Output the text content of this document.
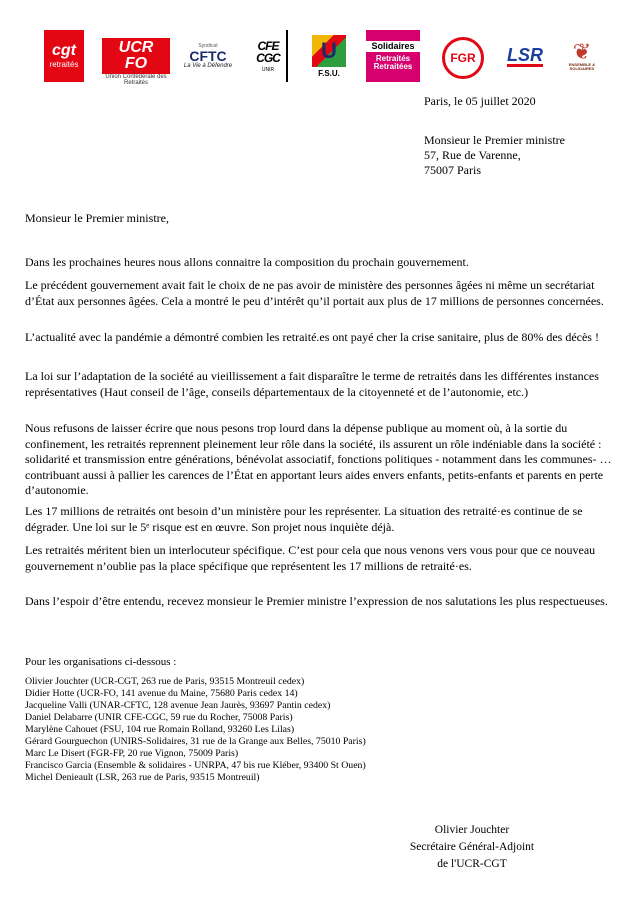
cgt
retraités
UCR FO
Union Confédérale des Retraités
Syndicat
CFTC
La Vie à Défendre
CFE CGC
UNIR
U
F.S.U.
Solidaires
Retraités Retraitées
FGR	LSR ❦
ENSEMBLE & SOLIDAIRES
Paris, le 05 juillet 2020
Monsieur le Premier ministre
57, Rue de Varenne,
75007 Paris
Monsieur le Premier ministre,
Dans les prochaines heures nous allons connaitre la composition du prochain gouvernement.
Le précédent gouvernement avait fait le choix de ne pas avoir de ministère des personnes âgées ni même un secrétariat d’État aux personnes âgées. Cela a montré le peu d’intérêt qu’il portait aux plus de 17 millions de personnes concernées.
L’actualité avec la pandémie a démontré combien les retraité.es ont payé cher la crise sanitaire, plus de 80% des décès !
La loi sur l’adaptation de la société au vieillissement a fait disparaître le terme de retraités dans les différentes instances représentatives (Haut conseil de l’âge, conseils départementaux de la citoyenneté et de l’autonomie, etc.)
Nous refusons de laisser écrire que nous pesons trop lourd dans la dépense publique au moment où, à la sortie du confinement, les retraités reprennent pleinement leur rôle dans la société, ils assurent un rôle indéniable dans la société : solidarité et transmission entre générations, bénévolat associatif, fonctions politiques - notamment dans les communes- … contribuant aussi à pallier les carences de l’État en apportant leurs aides envers enfants, petits-enfants et parents en perte d’autonomie.
Les 17 millions de retraités ont besoin d’un ministère pour les représenter. La situation des retraité·es continue de se dégrader. Une loi sur le 5ᵉ risque est en œuvre. Son projet nous inquiète déjà.
Les retraités méritent bien un interlocuteur spécifique. C’est pour cela que nous venons vers vous pour que ce nouveau gouvernement n’oublie pas la place spécifique que représentent les 17 millions de retraité·es.
Dans l’espoir d’être entendu, recevez monsieur le Premier ministre l’expression de nos salutations les plus respectueuses.
Pour les organisations ci-dessous :
Olivier Jouchter (UCR-CGT, 263 rue de Paris, 93515 Montreuil cedex)
Didier Hotte (UCR-FO, 141 avenue du Maine, 75680 Paris cedex 14)
Jacqueline Valli (UNAR-CFTC, 128 avenue Jean Jaurès, 93697 Pantin cedex)
Daniel Delabarre (UNIR CFE-CGC, 59 rue du Rocher, 75008 Paris)
Marylène Cahouet (FSU, 104 rue Romain Rolland, 93260 Les Lilas)
Gérard Gourguechon (UNIRS-Solidaires, 31 rue de la Grange aux Belles, 75010 Paris)
Marc Le Disert (FGR-FP, 20 rue Vignon, 75009 Paris)
Francisco Garcia (Ensemble & solidaires - UNRPA, 47 bis rue Kléber, 93400 St Ouen)
Michel Denieault (LSR, 263 rue de Paris, 93515 Montreuil)
Olivier Jouchter
Secrétaire Général-Adjoint
de l'UCR-CGT
